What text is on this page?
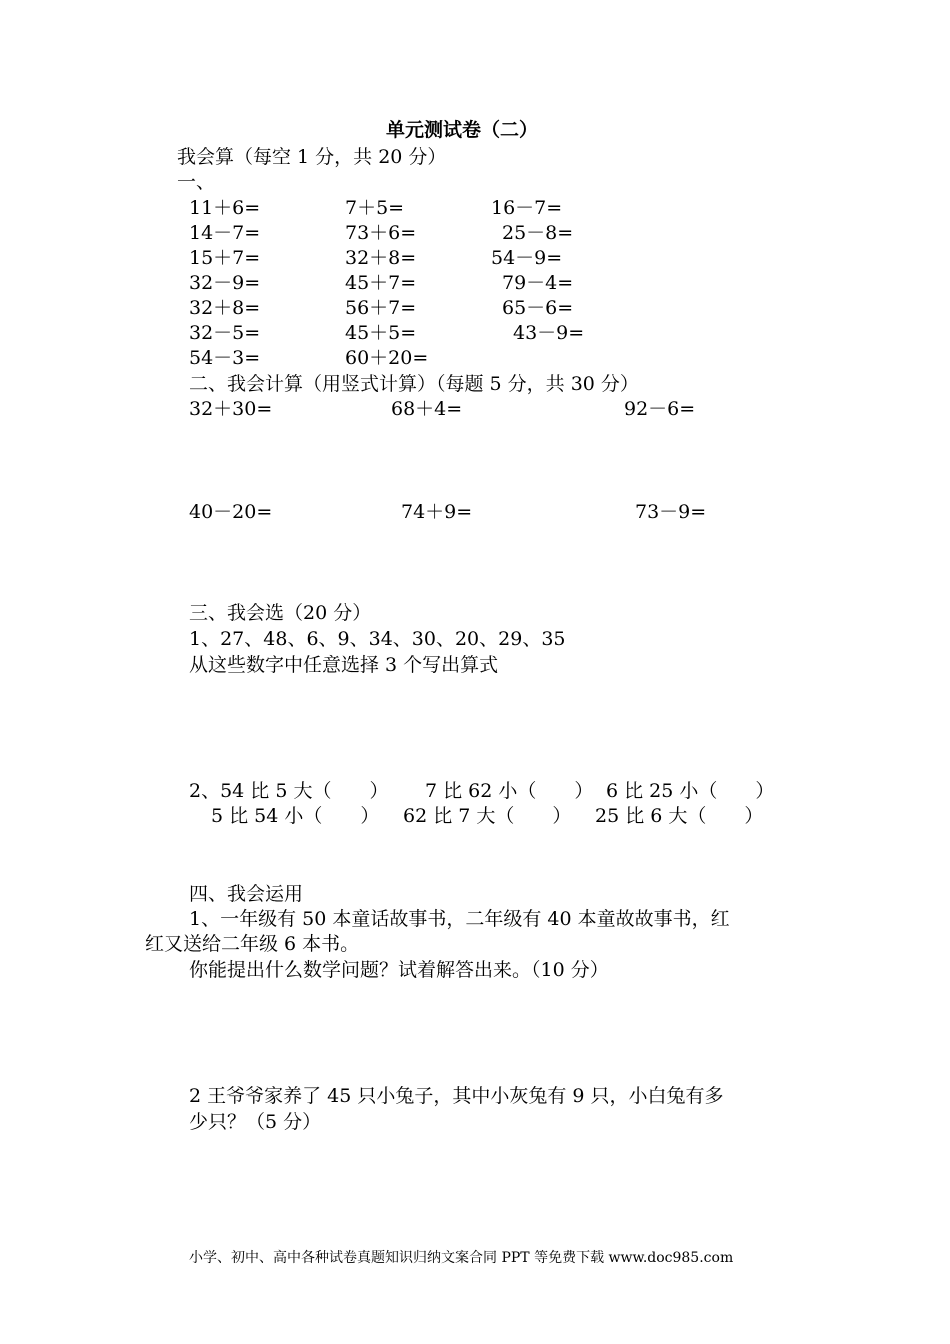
单元测试卷（二）
我会算（每空 1 分，共 20 分）
一、
11＋6=	7＋5=	16－7=
14－7=	73＋6=	25－8=
15＋7=	32＋8=	54－9=
32－9=	45＋7=	79－4=
32＋8=	56＋7=	65－6=
32－5=	45＋5=	43－9=
54－3=	60＋20=
二、我会计算（用竖式计算）（每题 5 分，共 30 分）
32＋30=	68＋4=	92－6=
40－20=	74＋9=	73－9=
三、我会选（20 分）
1、27、48、6、9、34、30、20、29、35
从这些数字中任意选择 3 个写出算式
2、54 比 5 大（　　） 7 比 62 小（　　） 6 比 25 小（　　）
5 比 54 小（　　） 62 比 7 大（　　） 25 比 6 大（　　）
四、我会运用
1、一年级有 50 本童话故事书，二年级有 40 本童故故事书，红
红又送给二年级 6 本书。
你能提出什么数学问题？试着解答出来。（10 分）
2 王爷爷家养了 45 只小兔子，其中小灰兔有 9 只，小白兔有多
少只？（5 分）
小学、初中、高中各种试卷真题知识归纳文案合同 PPT 等免费下载 www.doc985.com
